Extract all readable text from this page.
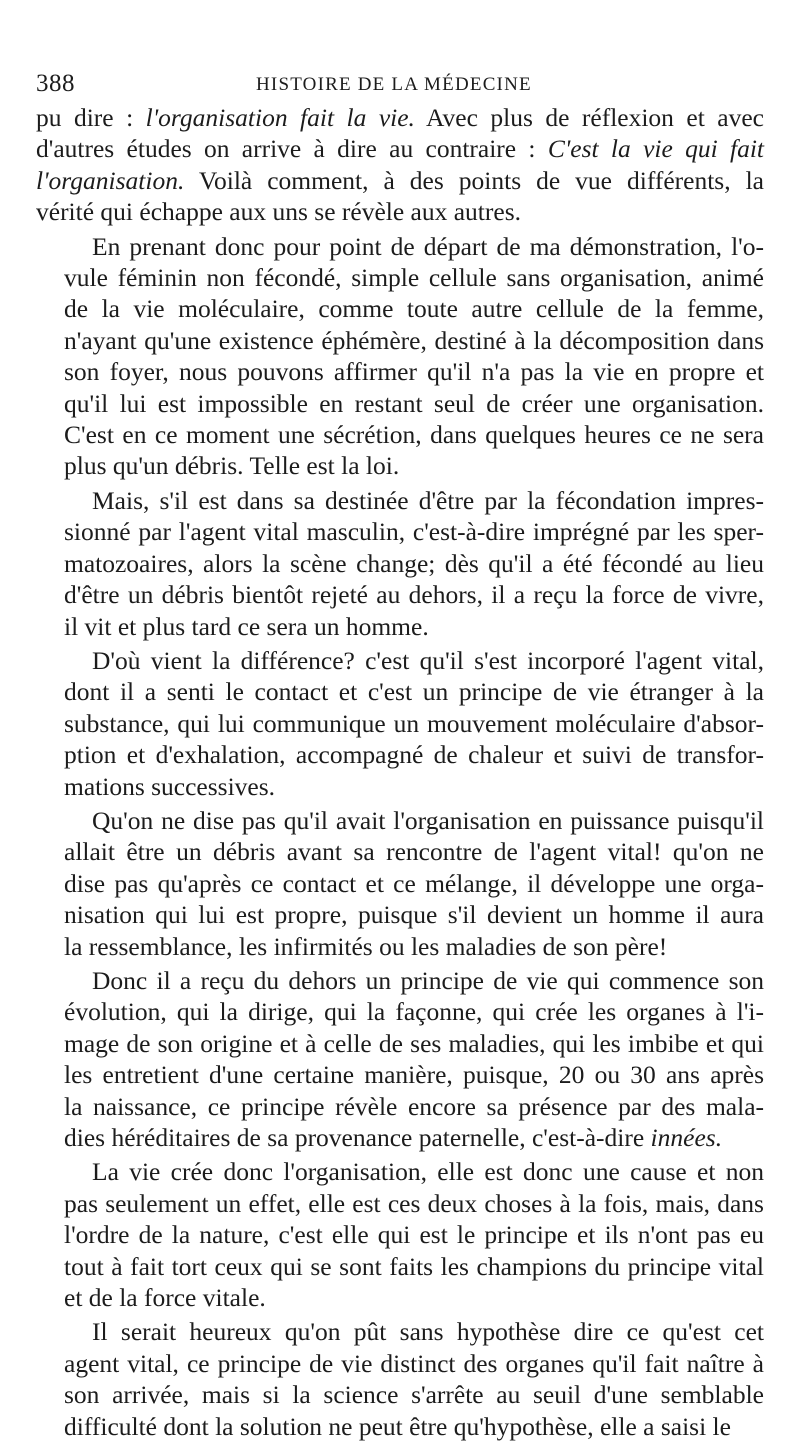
388	HISTOIRE DE LA MÉDECINE

pu dire : l'organisation fait la vie. Avec plus de réflexion et avec
d'autres études on arrive à dire au contraire : C'est la vie qui fait
l'organisation. Voilà comment, à des points de vue différents, la
vérité qui échappe aux uns se révèle aux autres.

En prenant donc pour point de départ de ma démonstration, l'o-
vule féminin non fécondé, simple cellule sans organisation, animé
de la vie moléculaire, comme toute autre cellule de la femme,
n'ayant qu'une existence éphémère, destiné à la décomposition dans
son foyer, nous pouvons affirmer qu'il n'a pas la vie en propre et
qu'il lui est impossible en restant seul de créer une organisation.
C'est en ce moment une sécrétion, dans quelques heures ce ne sera
plus qu'un débris. Telle est la loi.

Mais, s'il est dans sa destinée d'être par la fécondation impres-
sionné par l'agent vital masculin, c'est-à-dire imprégné par les sper-
matozoaires, alors la scène change; dès qu'il a été fécondé au lieu
d'être un débris bientôt rejeté au dehors, il a reçu la force de vivre,
il vit et plus tard ce sera un homme.

D'où vient la différence? c'est qu'il s'est incorporé l'agent vital,
dont il a senti le contact et c'est un principe de vie étranger à la
substance, qui lui communique un mouvement moléculaire d'absor-
ption et d'exhalation, accompagné de chaleur et suivi de transfor-
mations successives.

Qu'on ne dise pas qu'il avait l'organisation en puissance puisqu'il
allait être un débris avant sa rencontre de l'agent vital! qu'on ne
dise pas qu'après ce contact et ce mélange, il développe une orga-
nisation qui lui est propre, puisque s'il devient un homme il aura
la ressemblance, les infirmités ou les maladies de son père!

Donc il a reçu du dehors un principe de vie qui commence son
évolution, qui la dirige, qui la façonne, qui crée les organes à l'i-
mage de son origine et à celle de ses maladies, qui les imbibe et qui
les entretient d'une certaine manière, puisque, 20 ou 30 ans après
la naissance, ce principe révèle encore sa présence par des mala-
dies héréditaires de sa provenance paternelle, c'est-à-dire innées.

La vie crée donc l'organisation, elle est donc une cause et non
pas seulement un effet, elle est ces deux choses à la fois, mais, dans
l'ordre de la nature, c'est elle qui est le principe et ils n'ont pas eu
tout à fait tort ceux qui se sont faits les champions du principe vital
et de la force vitale.

Il serait heureux qu'on pût sans hypothèse dire ce qu'est cet
agent vital, ce principe de vie distinct des organes qu'il fait naître à
son arrivée, mais si la science s'arrête au seuil d'une semblable
difficulté dont la solution ne peut être qu'hypothèse, elle a saisi le
